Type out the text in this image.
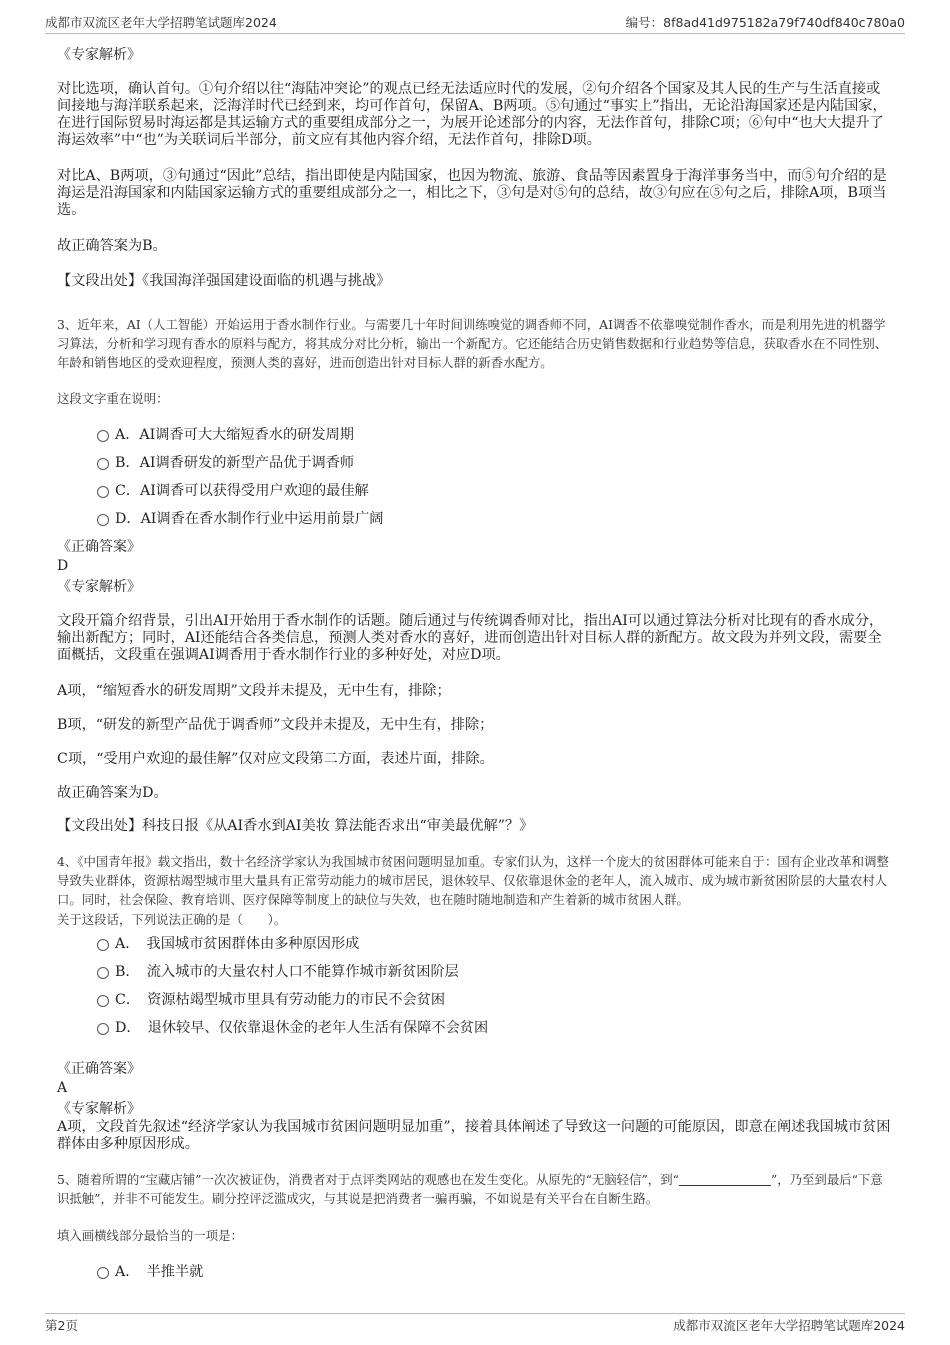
成都市双流区老年大学招聘笔试题库2024	编号：8f8ad41d975182a79f740df840c780a0
《专家解析》
对比选项，确认首句。①句介绍以往“海陆冲突论”的观点已经无法适应时代的发展，②句介绍各个国家及其人民的生产与生活直接或间接地与海洋联系起来，泛海洋时代已经到来，均可作首句，保留A、B两项。⑤句通过“事实上”指出，无论沿海国家还是内陆国家，在进行国际贸易时海运都是其运输方式的重要组成部分之一，为展开论述部分的内容，无法作首句，排除C项；⑥句中“也大大提升了海运效率”中“也”为关联词后半部分，前文应有其他内容介绍，无法作首句，排除D项。
对比A、B两项，③句通过“因此”总结，指出即使是内陆国家，也因为物流、旅游、食品等因素置身于海洋事务当中，而⑤句介绍的是海运是沿海国家和内陆国家运输方式的重要组成部分之一，相比之下，③句是对⑤句的总结，故③句应在⑤句之后，排除A项，B项当选。
故正确答案为B。
【文段出处】《我国海洋强国建设面临的机遇与挑战》
3、近年来，AI（人工智能）开始运用于香水制作行业。与需要几十年时间训练嗅觉的调香师不同，AI调香不依靠嗅觉制作香水，而是利用先进的机器学习算法，分析和学习现有香水的原料与配方，将其成分对比分析，输出一个新配方。它还能结合历史销售数据和行业趋势等信息，获取香水在不同性别、年龄和销售地区的受欢迎程度，预测人类的喜好，进而创造出针对目标人群的新香水配方。
这段文字重在说明：
A．AI调香可大大缩短香水的研发周期
B．AI调香研发的新型产品优于调香师
C．AI调香可以获得受用户欢迎的最佳解
D．AI调香在香水制作行业中运用前景广阔
《正确答案》
D
《专家解析》
文段开篇介绍背景，引出AI开始用于香水制作的话题。随后通过与传统调香师对比，指出AI可以通过算法分析对比现有的香水成分，输出新配方；同时，AI还能结合各类信息，预测人类对香水的喜好，进而创造出针对目标人群的新配方。故文段为并列文段，需要全面概括，文段重在强调AI调香用于香水制作行业的多种好处，对应D项。
A项，“缩短香水的研发周期”文段并未提及，无中生有，排除；
B项，“研发的新型产品优于调香师”文段并未提及，无中生有，排除；
C项，“受用户欢迎的最佳解”仅对应文段第二方面，表述片面，排除。
故正确答案为D。
【文段出处】科技日报《从AI香水到AI美妆 算法能否求出“审美最优解”？》
4、《中国青年报》载文指出，数十名经济学家认为我国城市贫困问题明显加重。专家们认为，这样一个庞大的贫困群体可能来自于：国有企业改革和调整导致失业群体，资源枯竭型城市里大量具有正常劳动能力的城市居民，退休较早、仅依靠退休金的老年人，流入城市、成为城市新贫困阶层的大量农村人口。同时，社会保险、教育培训、医疗保障等制度上的缺位与失效，也在随时随地制造和产生着新的城市贫困人群。
关于这段话，下列说法正确的是（　　）。
A．　我国城市贫困群体由多种原因形成
B．　流入城市的大量农村人口不能算作城市新贫困阶层
C．　资源枯竭型城市里具有劳动能力的市民不会贫困
D．　退休较早、仅依靠退休金的老年人生活有保障不会贫困
《正确答案》
A
《专家解析》
A项，文段首先叙述“经济学家认为我国城市贫困问题明显加重”，接着具体阐述了导致这一问题的可能原因，即意在阐述我国城市贫困群体由多种原因形成。
5、随着所谓的“宝藏店铺”一次次被证伪，消费者对于点评类网站的观感也在发生变化。从原先的“无脑轻信”，到“	”，乃至到最后“下意识抵触”，并非不可能发生。刷分控评泛滥成灾，与其说是把消费者一骗再骗，不如说是有关平台在自断生路。
填入画横线部分最恰当的一项是：
A．　半推半就
第2页	成都市双流区老年大学招聘笔试题库2024
